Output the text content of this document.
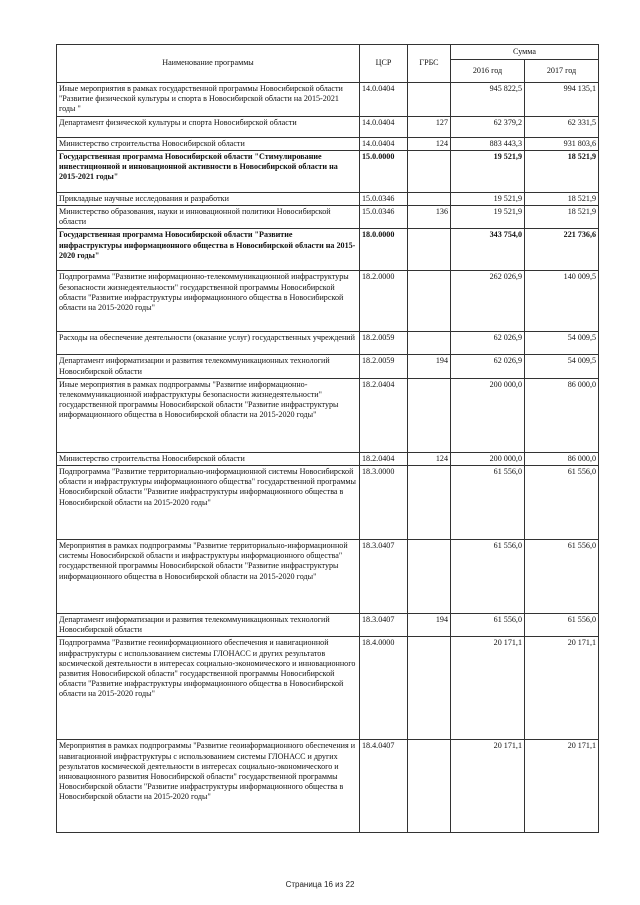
Наименование программы	ЦСР	ГРБС	Сумма	
			2016 год	2017 год
Иные мероприятия в рамках государственной программы Новосибирской области "Развитие физической культуры и спорта в Новосибирской области на 2015-2021 годы "	14.0.0404		945 822,5	994 135,1
Департамент физической культуры и спорта Новосибирской области	14.0.0404	127	62 379,2	62 331,5
Министерство строительства Новосибирской области	14.0.0404	124	883 443,3	931 803,6
Государственная программа Новосибирской области "Стимулирование инвестиционной и инновационной активности в Новосибирской области на 2015-2021 годы"	15.0.0000		19 521,9	18 521,9
Прикладные научные исследования и разработки	15.0.0346		19 521,9	18 521,9
Министерство образования, науки и инновационной политики Новосибирской области	15.0.0346	136	19 521,9	18 521,9
Государственная программа Новосибирской области "Развитие инфраструктуры информационного общества в Новосибирской области на 2015-2020 годы"	18.0.0000		343 754,0	221 736,6
Подпрограмма "Развитие информационно-телекоммуникационной инфраструктуры безопасности жизнедеятельности" государственной программы Новосибирской области "Развитие инфраструктуры информационного общества в Новосибирской области на 2015-2020 годы"	18.2.0000		262 026,9	140 009,5
Расходы на обеспечение деятельности (оказание услуг) государственных учреждений	18.2.0059		62 026,9	54 009,5
Департамент информатизации и развития телекоммуникационных технологий Новосибирской области	18.2.0059	194	62 026,9	54 009,5
Иные мероприятия в рамках подпрограммы "Развитие информационно-телекоммуникационной инфраструктуры безопасности жизнедеятельности" государственной программы Новосибирской области "Развитие инфраструктуры информационного общества в Новосибирской области на 2015-2020 годы"	18.2.0404		200 000,0	86 000,0
Министерство строительства Новосибирской области	18.2.0404	124	200 000,0	86 000,0
Подпрограмма "Развитие территориально-информационной системы Новосибирской области и инфраструктуры информационного общества" государственной программы Новосибирской области "Развитие инфраструктуры информационного общества в Новосибирской области на 2015-2020 годы"	18.3.0000		61 556,0	61 556,0
Мероприятия в рамках подпрограммы "Развитие территориально-информационной системы Новосибирской области и инфраструктуры информационного общества" государственной программы Новосибирской области "Развитие инфраструктуры информационного общества в Новосибирской области на 2015-2020 годы"	18.3.0407		61 556,0	61 556,0
Департамент информатизации и развития телекоммуникационных технологий Новосибирской области	18.3.0407	194	61 556,0	61 556,0
Подпрограмма "Развитие геоинформационного обеспечения и навигационной инфраструктуры с использованием системы ГЛОНАСС и других результатов космической деятельности в интересах социально-экономического и инновационного развития Новосибирской области" государственной программы Новосибирской области "Развитие инфраструктуры информационного общества в Новосибирской области на 2015-2020 годы"	18.4.0000		20 171,1	20 171,1
Мероприятия в рамках подпрограммы "Развитие геоинформационного обеспечения и навигационной инфраструктуры с использованием системы ГЛОНАСС и других результатов космической деятельности в интересах социально-экономического и инновационного развития Новосибирской области" государственной программы Новосибирской области "Развитие инфраструктуры информационного общества в Новосибирской области на 2015-2020 годы"	18.4.0407		20 171,1	20 171,1
Страница 16 из 22
